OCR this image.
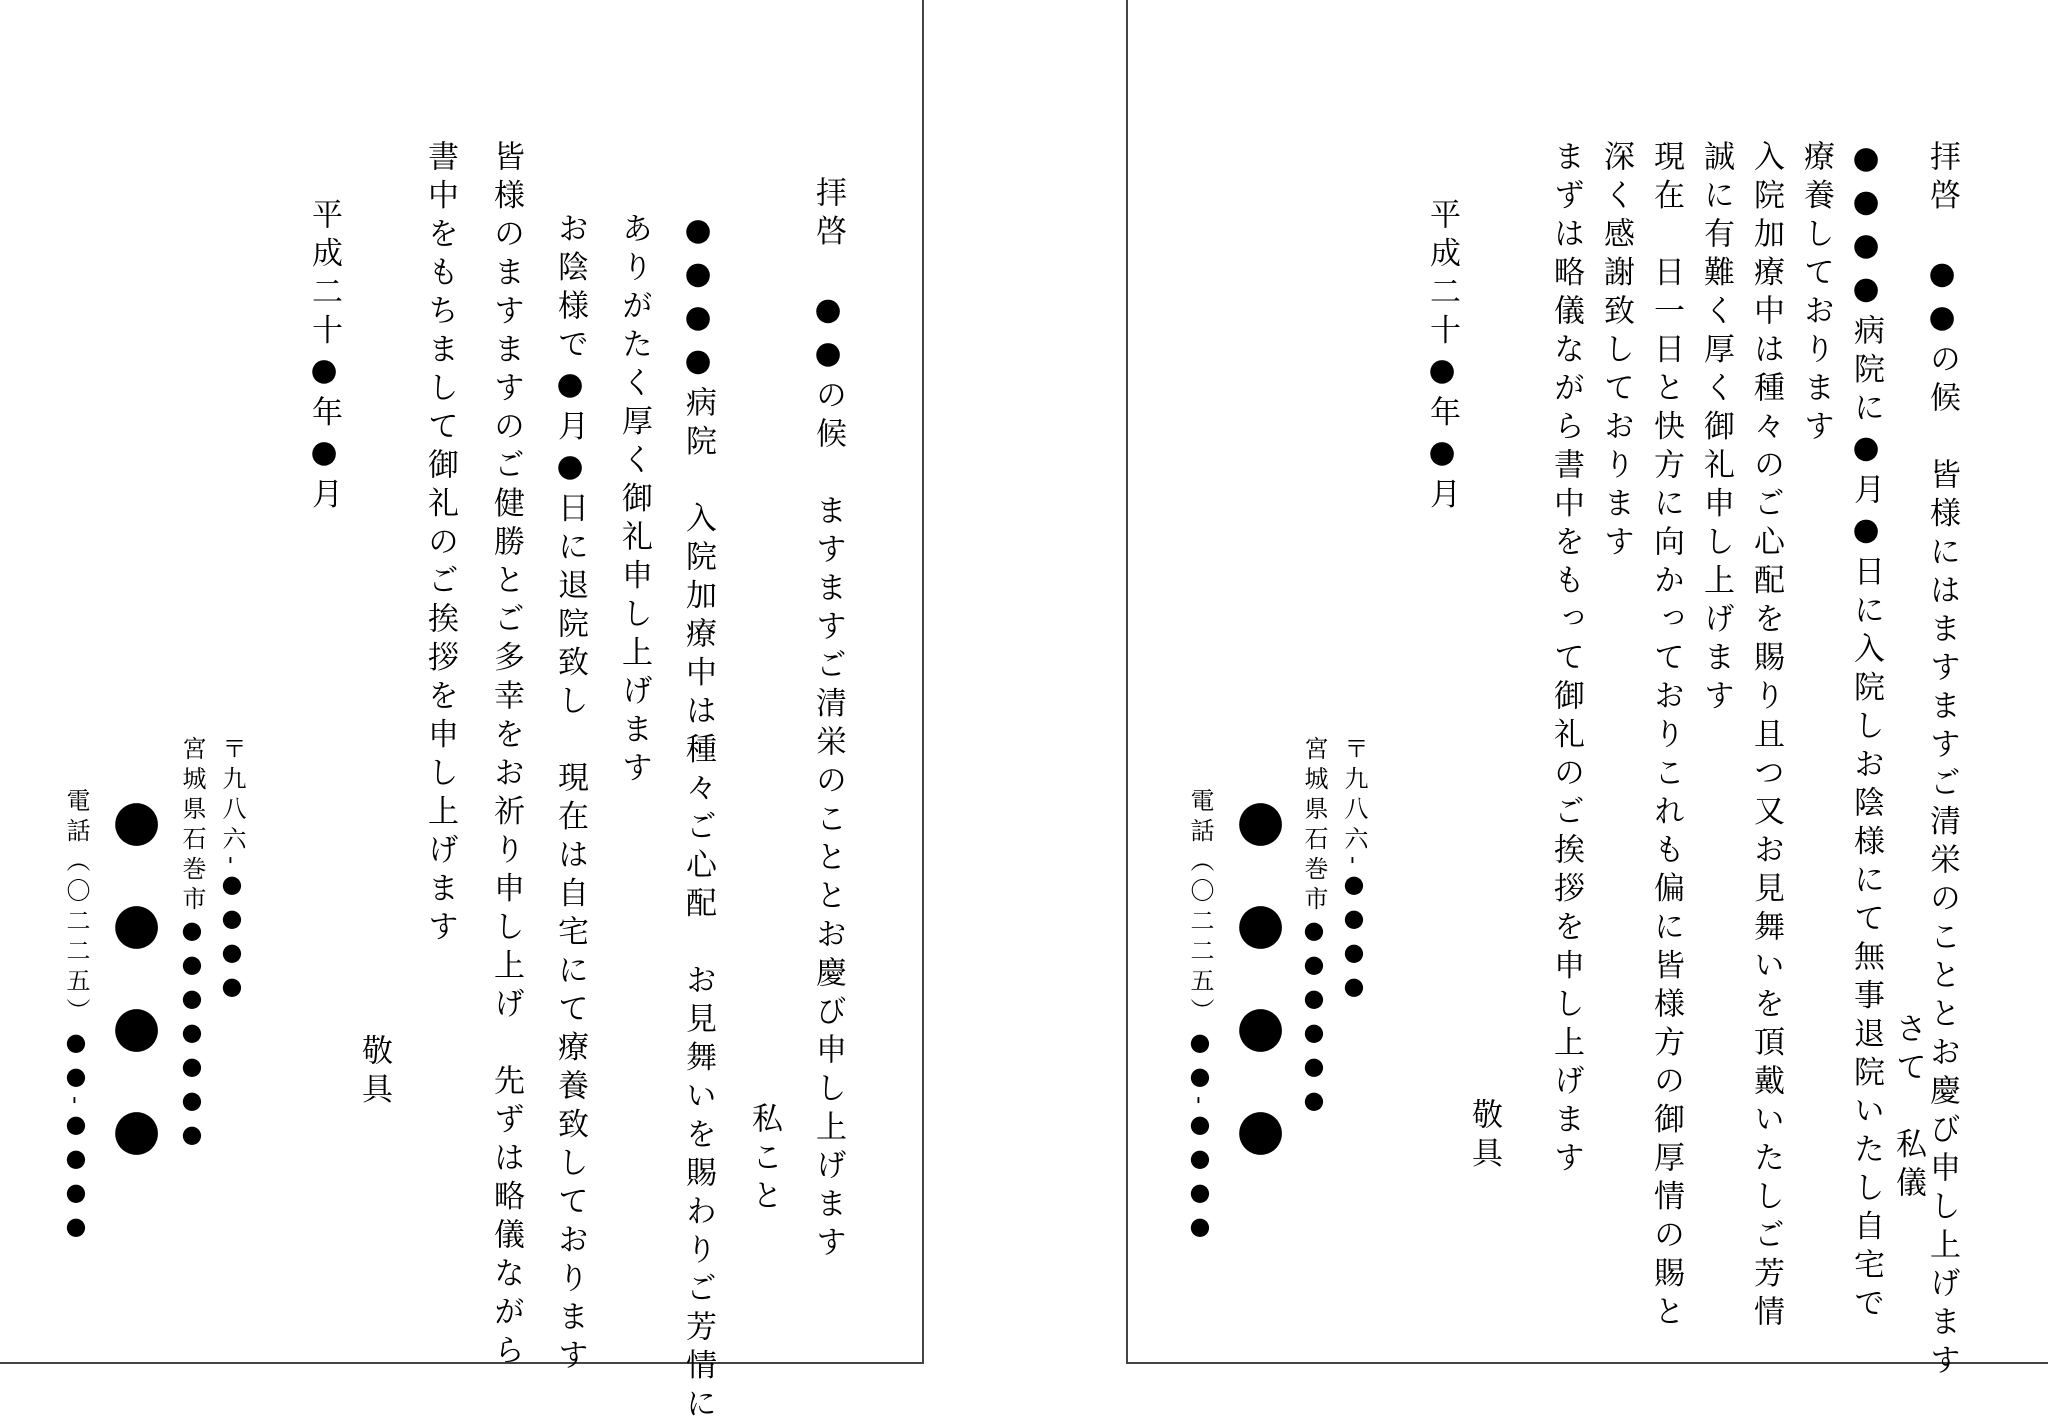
拝啓　●●の候　ますますご清栄のこととお慶び申し上げます
私こと
●●●●病院　入院加療中は種々ご心配　お見舞いを賜わりご芳情に
ありがたく厚く御礼申し上げます
お陰様で●月●日に退院致し　現在は自宅にて療養致しております
皆様のますますのご健勝とご多幸をお祈り申し上げ　先ずは略儀ながら
書中をもちまして御礼のご挨拶を申し上げます
敬具
平成二十●年●月
〒九八六-●●●●
宮城県石巻市●●●●●●●
●●●●
電話（〇二二五）●●-●●●●	拝啓　●●の候　皆様にはますますご清栄のこととお慶び申し上げます
さて　私儀
●●●●病院に●月●日に入院しお陰様にて無事退院いたし自宅で
療養しております
入院加療中は種々のご心配を賜り且つ又お見舞いを頂戴いたしご芳情
誠に有難く厚く御礼申し上げます
現在　日一日と快方に向かっておりこれも偏に皆様方の御厚情の賜と
深く感謝致しております
まずは略儀ながら書中をもって御礼のご挨拶を申し上げます
敬具
平成二十●年●月
〒九八六-●●●●
宮城県石巻市●●●●●●
●●●●
電話（〇二二五）●●-●●●●
